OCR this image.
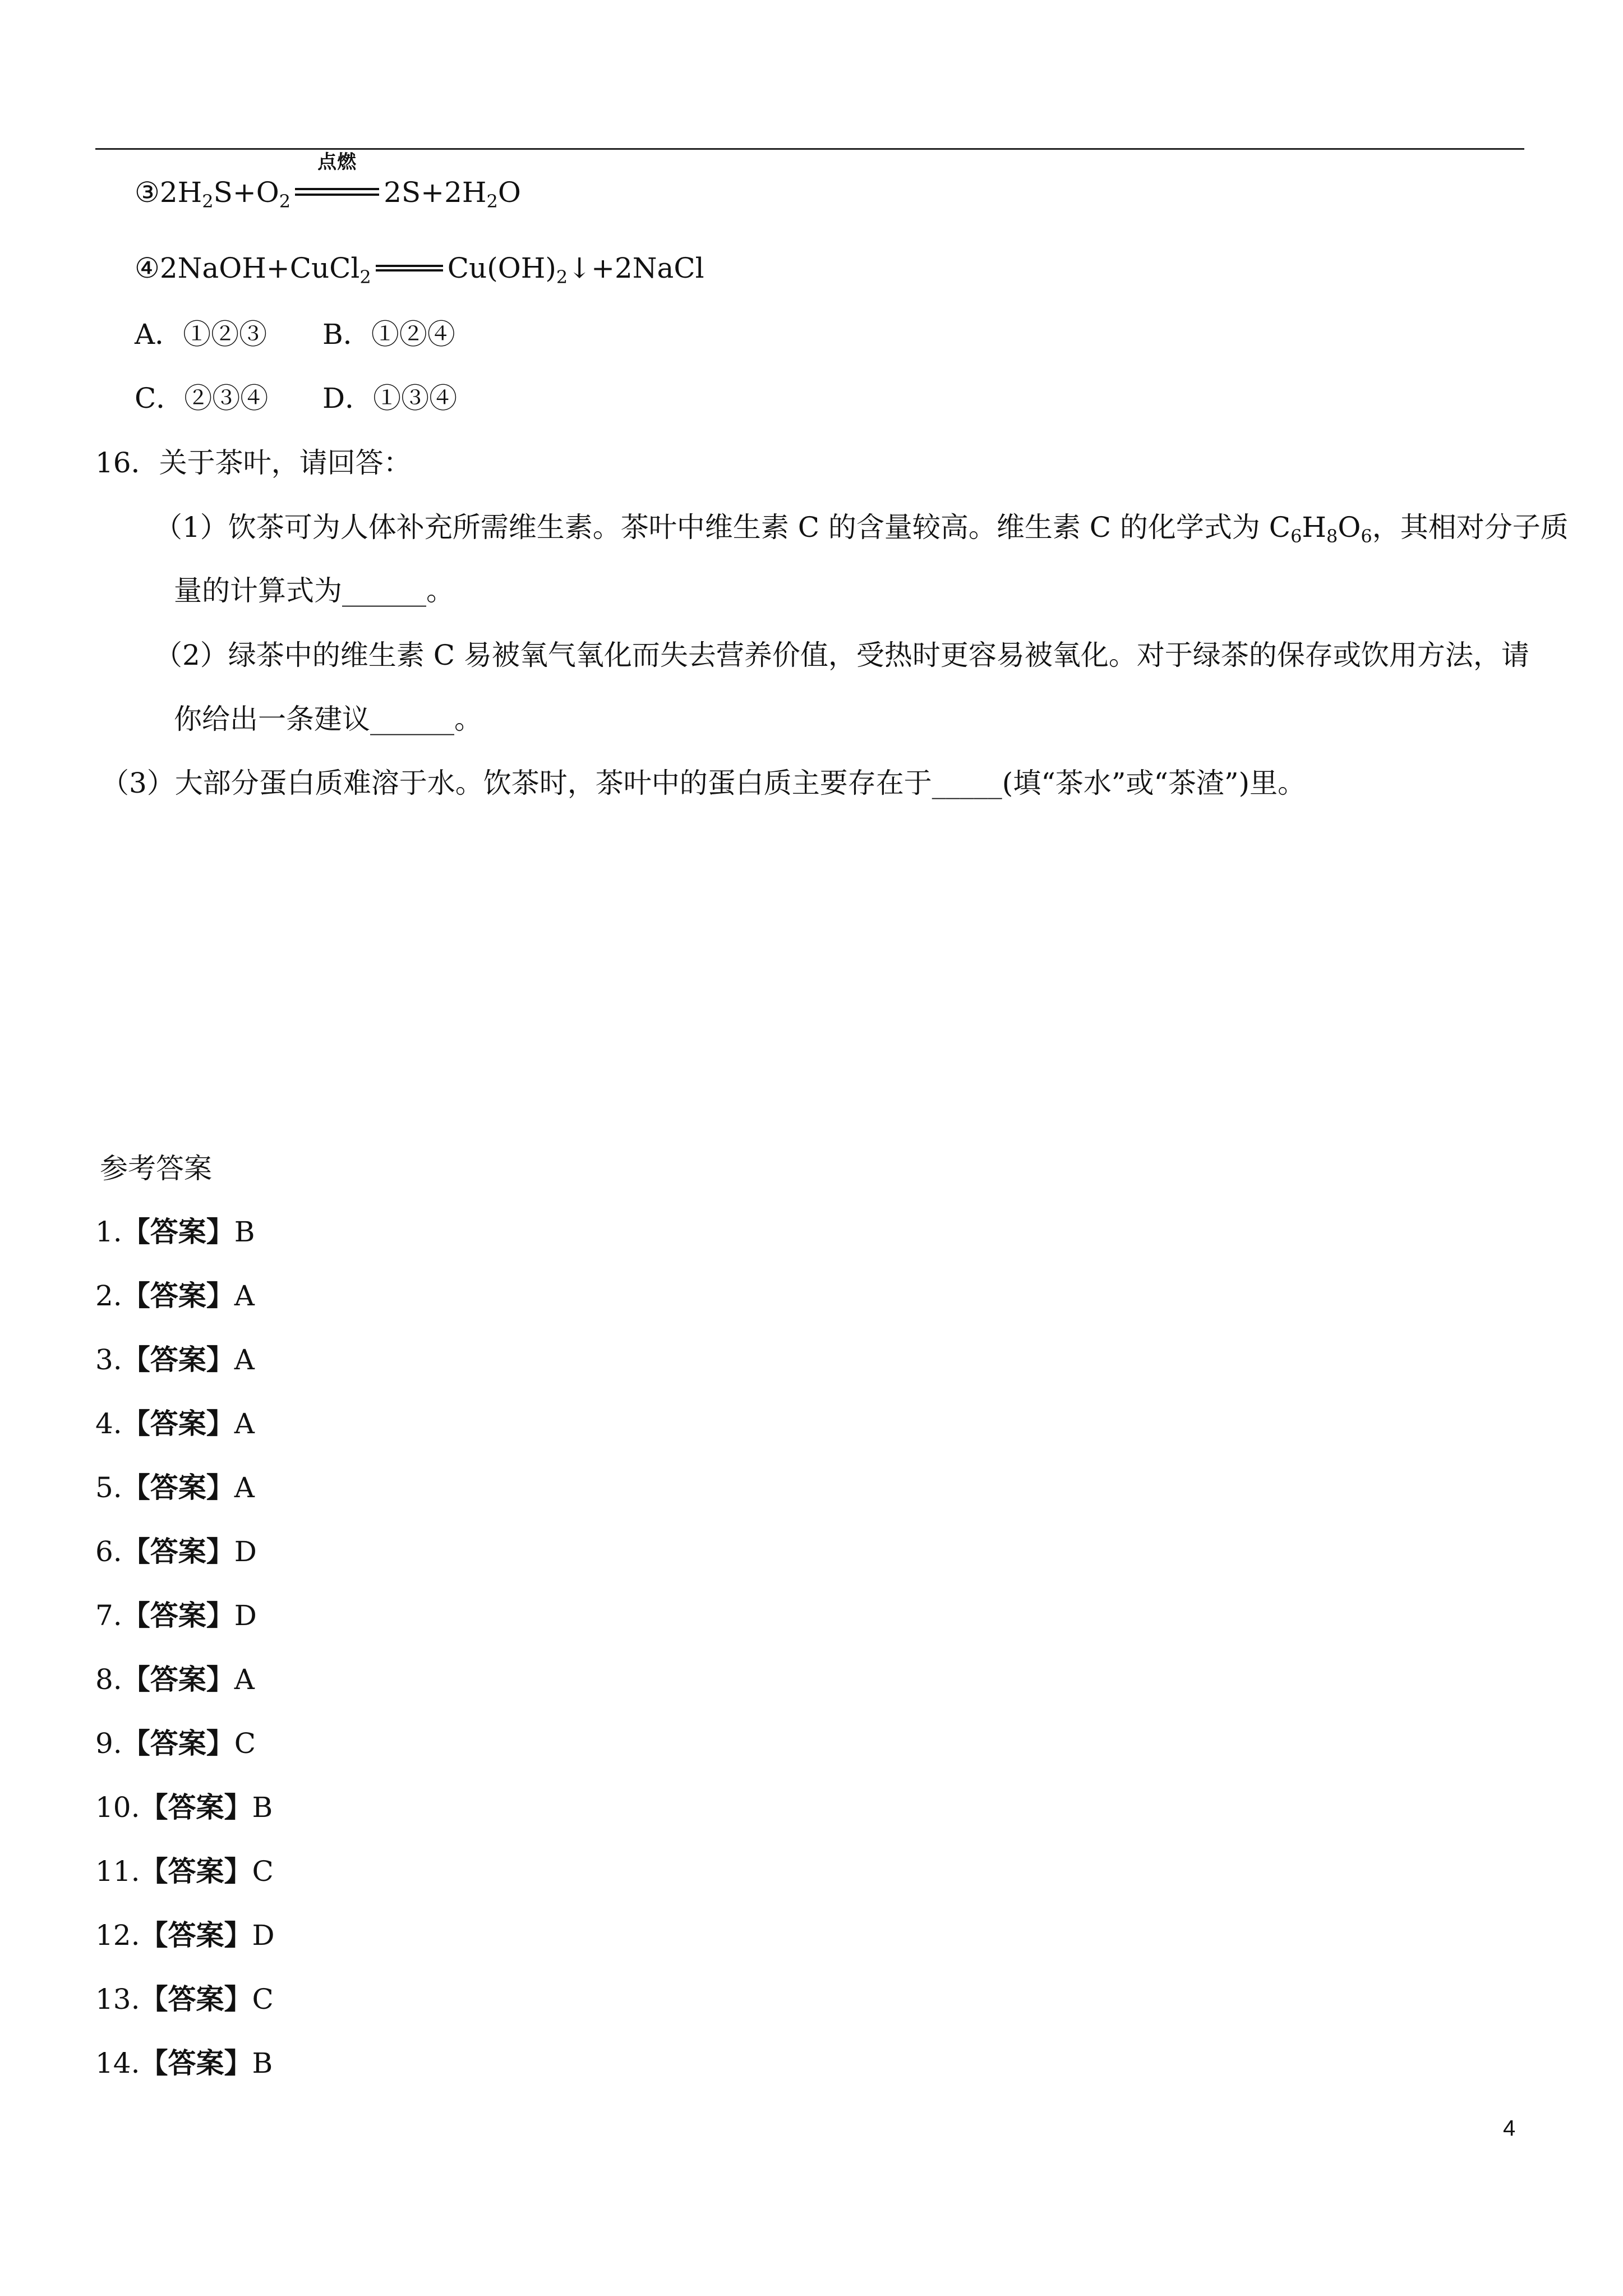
$③2H_2S+O_2$
点燃
$2S+2H_2O$
④2NaOH+CuCl$_2$	$Cu(OH)_2↓+2NaCl$
A．①②③ B．①②④
C．②③④ D．①③④
16．关于茶叶，请回答：
（1）饮茶可为人体补充所需维生素。茶叶中维生素 C 的含量较高。维生素 C 的化学式为 $C_6H_8O_6$，其相对分子质
量的计算式为______。
（2）绿茶中的维生素 C 易被氧气氧化而失去营养价值，受热时更容易被氧化。对于绿茶的保存或饮用方法，请
你给出一条建议______。
（3）大部分蛋白质难溶于水。饮茶时，茶叶中的蛋白质主要存在于_____(填“茶水”或“茶渣”)里。
参考答案
1.【答案】B
2.【答案】A
3.【答案】A
4.【答案】A
5.【答案】A
6.【答案】D
7.【答案】D
8.【答案】A
9.【答案】C
10.【答案】B
11.【答案】C
12.【答案】D
13.【答案】C
14.【答案】B
4
